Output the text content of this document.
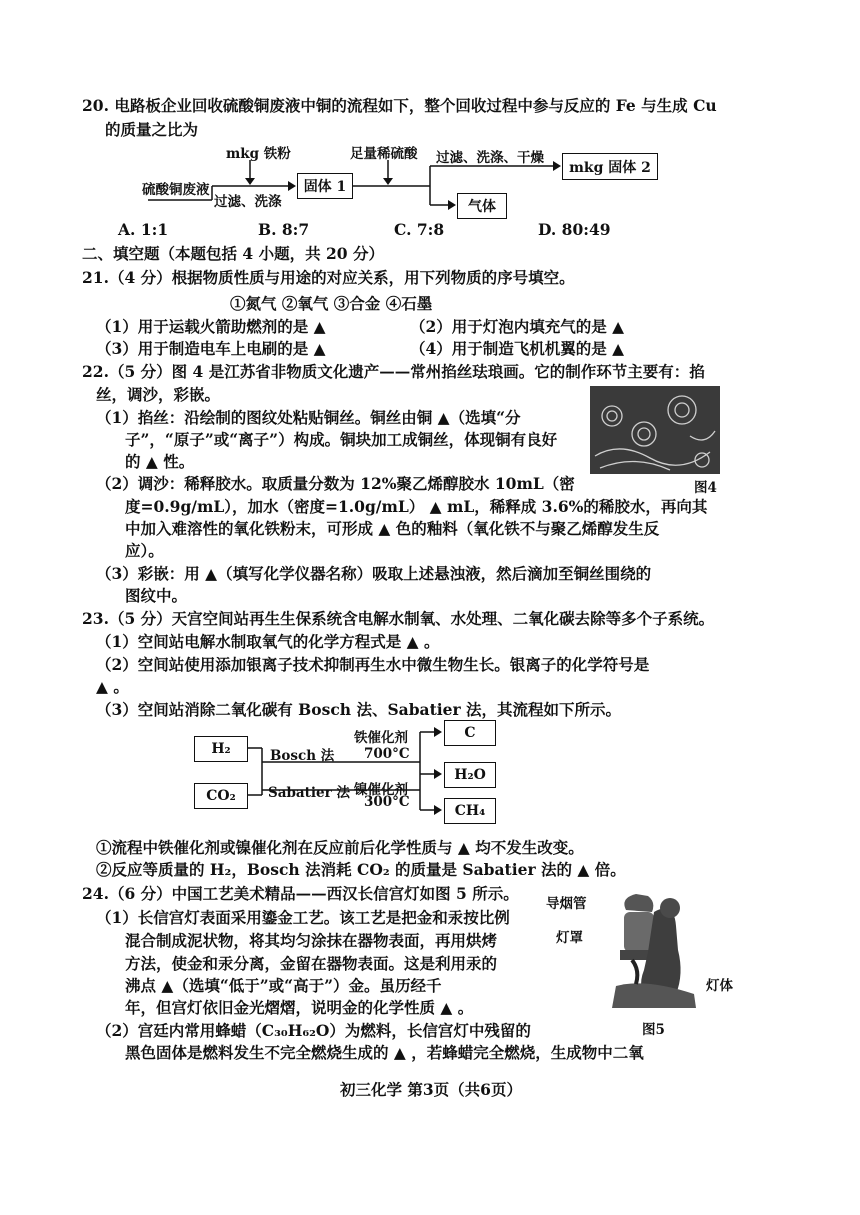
20. 电路板企业回收硫酸铜废液中铜的流程如下，整个回收过程中参与反应的 Fe 与生成 Cu
的质量之比为
mkg 铁粉
硫酸铜废液
过滤、洗涤
固体 1
足量稀硫酸 过滤、洗涤、干燥
mkg 固体 2
气体
A. 1:1	B. 8:7	C. 7:8	D. 80:49
二、填空题（本题包括 4 小题，共 20 分）
21.（4 分）根据物质性质与用途的对应关系，用下列物质的序号填空。
①氮气 ②氧气 ③合金 ④石墨
（1）用于运载火箭助燃剂的是 ▲	（2）用于灯泡内填充气的是 ▲
（3）用于制造电车上电刷的是 ▲	（4）用于制造飞机机翼的是 ▲
22.（5 分）图 4 是江苏省非物质文化遗产——常州掐丝珐琅画。它的制作环节主要有：掐
丝，调沙，彩嵌。
（1）掐丝：沿绘制的图纹处粘贴铜丝。铜丝由铜 ▲（选填“分
子”，“原子”或“离子”）构成。铜块加工成铜丝，体现铜有良好
的 ▲ 性。
（2）调沙：稀释胶水。取质量分数为 12%聚乙烯醇胶水 10mL（密
度=0.9g/mL），加水（密度=1.0g/mL） ▲ mL，稀释成 3.6%的稀胶水，再向其
中加入难溶性的氧化铁粉末，可形成 ▲ 色的釉料（氧化铁不与聚乙烯醇发生反
应）。
（3）彩嵌：用 ▲（填写化学仪器名称）吸取上述悬浊液，然后滴加至铜丝围绕的
图纹中。
图4
23.（5 分）天宫空间站再生生保系统含电解水制氧、水处理、二氧化碳去除等多个子系统。
（1）空间站电解水制取氧气的化学方程式是 ▲ 。
（2）空间站使用添加银离子技术抑制再生水中微生物生长。银离子的化学符号是
▲ 。
（3）空间站消除二氧化碳有 Bosch 法、Sabatier 法，其流程如下所示。
H₂
CO₂
Bosch 法
Sabatier 法
铁催化剂
700°C
镍催化剂
300°C
C
H₂O
CH₄
①流程中铁催化剂或镍催化剂在反应前后化学性质与 ▲ 均不发生改变。
②反应等质量的 H₂，Bosch 法消耗 CO₂ 的质量是 Sabatier 法的 ▲ 倍。
24.（6 分）中国工艺美术精品——西汉长信宫灯如图 5 所示。
（1）长信宫灯表面采用鎏金工艺。该工艺是把金和汞按比例
混合制成泥状物，将其均匀涂抹在器物表面，再用烘烤
方法，使金和汞分离，金留在器物表面。这是利用汞的
沸点 ▲（选填“低于”或“高于”）金。虽历经千
年，但宫灯依旧金光熠熠，说明金的化学性质 ▲ 。
（2）宫廷内常用蜂蜡（C₃₀H₆₂O）为燃料，长信宫灯中残留的
黑色固体是燃料发生不完全燃烧生成的 ▲ ，若蜂蜡完全燃烧，生成物中二氧
导烟管
灯罩
灯体
图5
初三化学 第3页（共6页）
